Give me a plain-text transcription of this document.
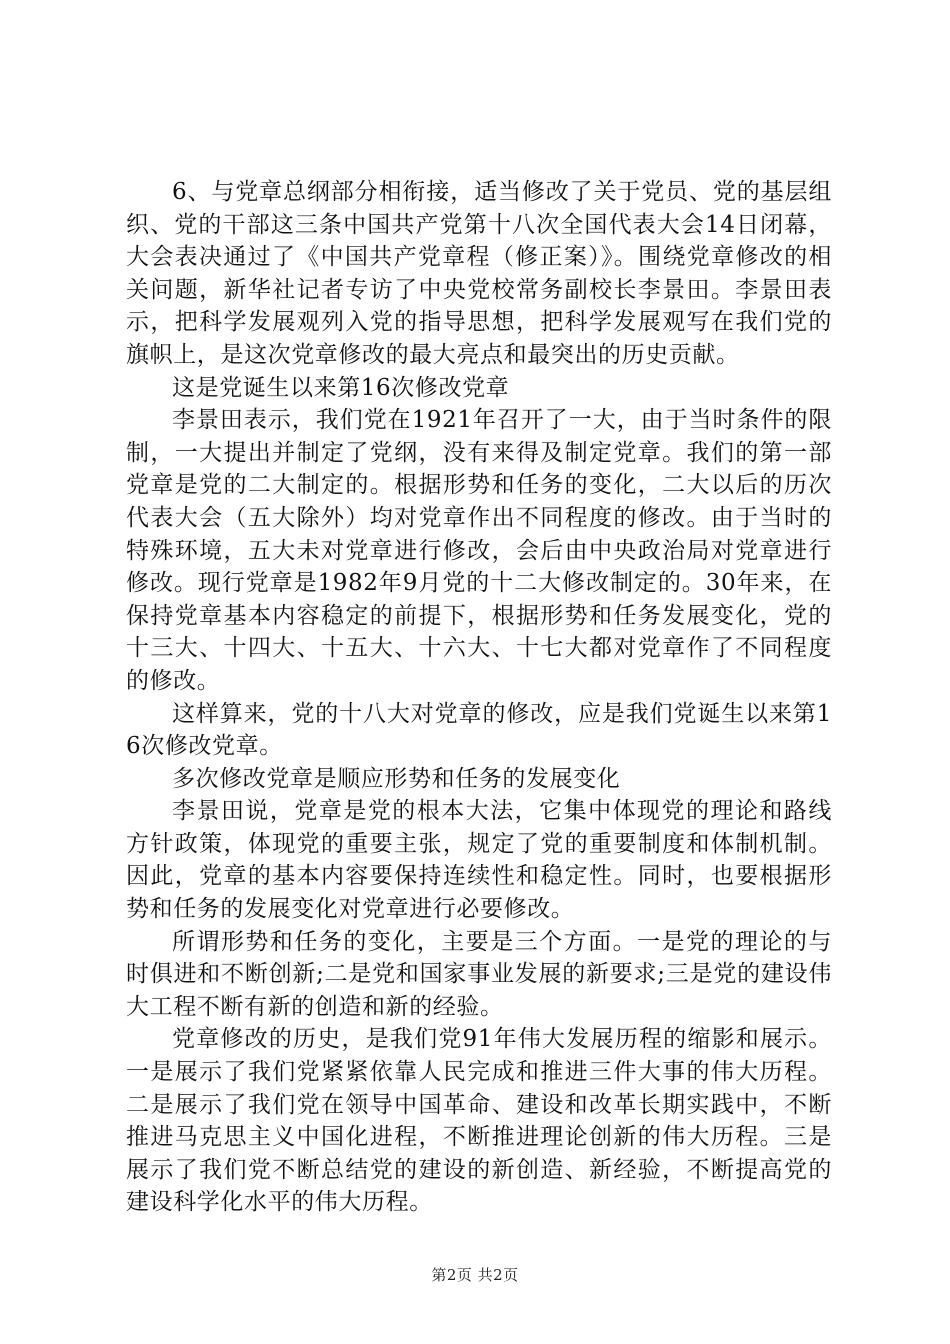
6、与党章总纲部分相衔接，适当修改了关于党员、党的基层组织、党的干部这三条中国共产党第十八次全国代表大会14日闭幕，大会表决通过了《中国共产党章程（修正案）》。围绕党章修改的相关问题，新华社记者专访了中央党校常务副校长李景田。李景田表示，把科学发展观列入党的指导思想，把科学发展观写在我们党的旗帜上，是这次党章修改的最大亮点和最突出的历史贡献。

这是党诞生以来第16次修改党章

李景田表示，我们党在1921年召开了一大，由于当时条件的限制，一大提出并制定了党纲，没有来得及制定党章。我们的第一部党章是党的二大制定的。根据形势和任务的变化，二大以后的历次代表大会（五大除外）均对党章作出不同程度的修改。由于当时的特殊环境，五大未对党章进行修改，会后由中央政治局对党章进行修改。现行党章是1982年9月党的十二大修改制定的。30年来，在保持党章基本内容稳定的前提下，根据形势和任务发展变化，党的十三大、十四大、十五大、十六大、十七大都对党章作了不同程度的修改。

这样算来，党的十八大对党章的修改，应是我们党诞生以来第16次修改党章。

多次修改党章是顺应形势和任务的发展变化

李景田说，党章是党的根本大法，它集中体现党的理论和路线方针政策，体现党的重要主张，规定了党的重要制度和体制机制。因此，党章的基本内容要保持连续性和稳定性。同时，也要根据形势和任务的发展变化对党章进行必要修改。

所谓形势和任务的变化，主要是三个方面。一是党的理论的与时俱进和不断创新;二是党和国家事业发展的新要求;三是党的建设伟大工程不断有新的创造和新的经验。

党章修改的历史，是我们党91年伟大发展历程的缩影和展示。一是展示了我们党紧紧依靠人民完成和推进三件大事的伟大历程。二是展示了我们党在领导中国革命、建设和改革长期实践中，不断推进马克思主义中国化进程，不断推进理论创新的伟大历程。三是展示了我们党不断总结党的建设的新创造、新经验，不断提高党的建设科学化水平的伟大历程。

第2页 共2页
